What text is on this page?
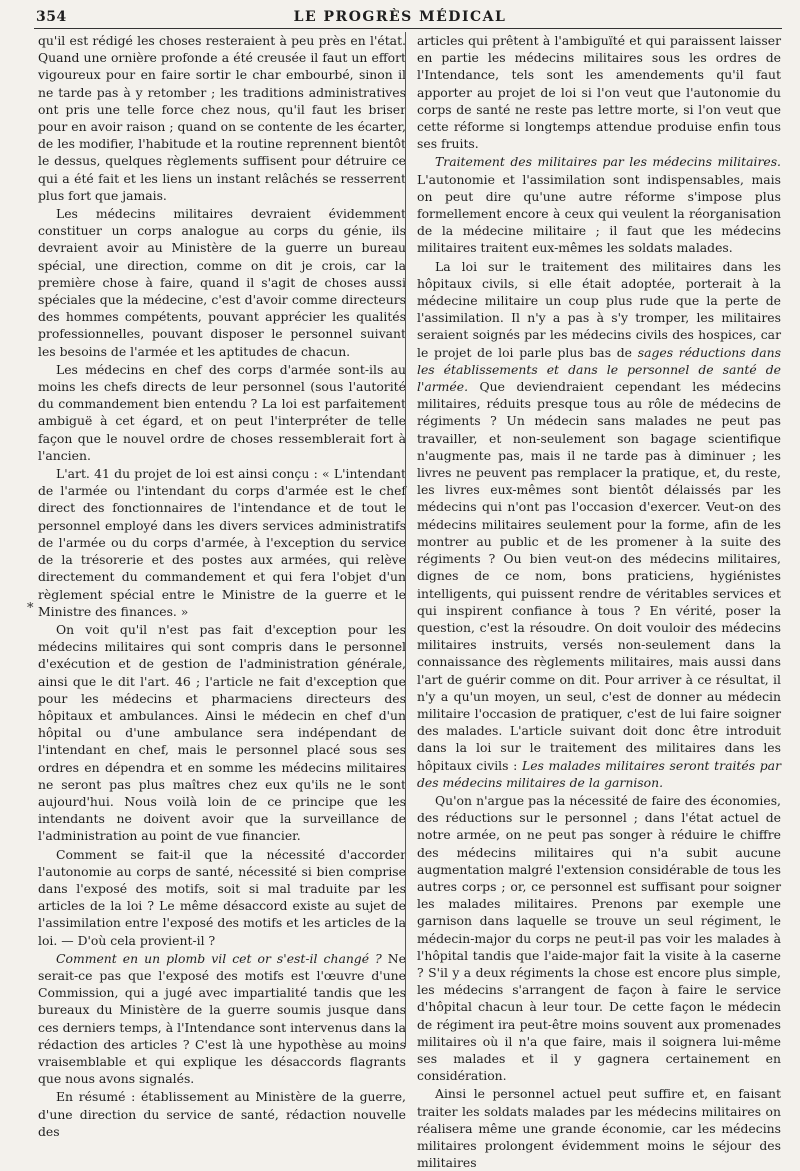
354	LE PROGRÈS MÉDICAL
*

qu'il est rédigé les choses resteraient à peu près en l'état. Quand une ornière profonde a été creusée il faut un effort vigoureux pour en faire sortir le char embourbé, sinon il ne tarde pas à y retomber ; les traditions administratives ont pris une telle force chez nous, qu'il faut les briser pour en avoir raison ; quand on se contente de les écarter, de les modifier, l'habitude et la routine reprennent bientôt le dessus, quelques règlements suffisent pour détruire ce qui a été fait et les liens un instant relâchés se resserrent plus fort que jamais.

Les médecins militaires devraient évidemment constituer un corps analogue au corps du génie, ils devraient avoir au Ministère de la guerre un bureau spécial, une direction, comme on dit je crois, car la première chose à faire, quand il s'agit de choses aussi spéciales que la médecine, c'est d'avoir comme directeurs des hommes compétents, pouvant apprécier les qualités professionnelles, pouvant disposer le personnel suivant les besoins de l'armée et les aptitudes de chacun.

Les médecins en chef des corps d'armée sont-ils au moins les chefs directs de leur personnel (sous l'autorité du commandement bien entendu ? La loi est parfaitement ambiguë à cet égard, et on peut l'interpréter de telle façon que le nouvel ordre de choses ressemblerait fort à l'ancien.

L'art. 41 du projet de loi est ainsi conçu : « L'intendant de l'armée ou l'intendant du corps d'armée est le chef direct des fonctionnaires de l'intendance et de tout le personnel employé dans les divers services administratifs de l'armée ou du corps d'armée, à l'exception du service de la trésorerie et des postes aux armées, qui relève directement du commandement et qui fera l'objet d'un règlement spécial entre le Ministre de la guerre et le Ministre des finances. »

On voit qu'il n'est pas fait d'exception pour les médecins militaires qui sont compris dans le personnel d'exécution et de gestion de l'administration générale, ainsi que le dit l'art. 46 ; l'article ne fait d'exception que pour les médecins et pharmaciens directeurs des hôpitaux et ambulances. Ainsi le médecin en chef d'un hôpital ou d'une ambulance sera indépendant de l'intendant en chef, mais le personnel placé sous ses ordres en dépendra et en somme les médecins militaires ne seront pas plus maîtres chez eux qu'ils ne le sont aujourd'hui. Nous voilà loin de ce principe que les intendants ne doivent avoir que la surveillance de l'administration au point de vue financier.

Comment se fait-il que la nécessité d'accorder l'autonomie au corps de santé, nécessité si bien comprise dans l'exposé des motifs, soit si mal traduite par les articles de la loi ? Le même désaccord existe au sujet de l'assimilation entre l'exposé des motifs et les articles de la loi. — D'où cela provient-il ?

Comment en un plomb vil cet or s'est-il changé ? Ne serait-ce pas que l'exposé des motifs est l'œuvre d'une Commission, qui a jugé avec impartialité tandis que les bureaux du Ministère de la guerre soumis jusque dans ces derniers temps, à l'Intendance sont intervenus dans la rédaction des articles ? C'est là une hypothèse au moins vraisemblable et qui explique les désaccords flagrants que nous avons signalés.

En résumé : établissement au Ministère de la guerre, d'une direction du service de santé, rédaction nouvelle des

articles qui prêtent à l'ambiguïté et qui paraissent laisser en partie les médecins militaires sous les ordres de l'Intendance, tels sont les amendements qu'il faut apporter au projet de loi si l'on veut que l'autonomie du corps de santé ne reste pas lettre morte, si l'on veut que cette réforme si longtemps attendue produise enfin tous ses fruits.

Traitement des militaires par les médecins militaires. L'autonomie et l'assimilation sont indispensables, mais on peut dire qu'une autre réforme s'impose plus formellement encore à ceux qui veulent la réorganisation de la médecine militaire ; il faut que les médecins militaires traitent eux-mêmes les soldats malades.

La loi sur le traitement des militaires dans les hôpitaux civils, si elle était adoptée, porterait à la médecine militaire un coup plus rude que la perte de l'assimilation. Il n'y a pas à s'y tromper, les militaires seraient soignés par les médecins civils des hospices, car le projet de loi parle plus bas de sages réductions dans les établissements et dans le personnel de santé de l'armée. Que deviendraient cependant les médecins militaires, réduits presque tous au rôle de médecins de régiments ? Un médecin sans malades ne peut pas travailler, et non-seulement son bagage scientifique n'augmente pas, mais il ne tarde pas à diminuer ; les livres ne peuvent pas remplacer la pratique, et, du reste, les livres eux-mêmes sont bientôt délaissés par les médecins qui n'ont pas l'occasion d'exercer. Veut-on des médecins militaires seulement pour la forme, afin de les montrer au public et de les promener à la suite des régiments ? Ou bien veut-on des médecins militaires, dignes de ce nom, bons praticiens, hygiénistes intelligents, qui puissent rendre de véritables services et qui inspirent confiance à tous ? En vérité, poser la question, c'est la résoudre. On doit vouloir des médecins militaires instruits, versés non-seulement dans la connaissance des règlements militaires, mais aussi dans l'art de guérir comme on dit. Pour arriver à ce résultat, il n'y a qu'un moyen, un seul, c'est de donner au médecin militaire l'occasion de pratiquer, c'est de lui faire soigner des malades. L'article suivant doit donc être introduit dans la loi sur le traitement des militaires dans les hôpitaux civils : Les malades militaires seront traités par des médecins militaires de la garnison.

Qu'on n'argue pas la nécessité de faire des économies, des réductions sur le personnel ; dans l'état actuel de notre armée, on ne peut pas songer à réduire le chiffre des médecins militaires qui n'a subit aucune augmentation malgré l'extension considérable de tous les autres corps ; or, ce personnel est suffisant pour soigner les malades militaires. Prenons par exemple une garnison dans laquelle se trouve un seul régiment, le médecin-major du corps ne peut-il pas voir les malades à l'hôpital tandis que l'aide-major fait la visite à la caserne ? S'il y a deux régiments la chose est encore plus simple, les médecins s'arrangent de façon à faire le service d'hôpital chacun à leur tour. De cette façon le médecin de régiment ira peut-être moins souvent aux promenades militaires où il n'a que faire, mais il soignera lui-même ses malades et il y gagnera certainement en considération.

Ainsi le personnel actuel peut suffire et, en faisant traiter les soldats malades par les médecins militaires on réalisera même une grande économie, car les médecins militaires prolongent évidemment moins le séjour des militaires
